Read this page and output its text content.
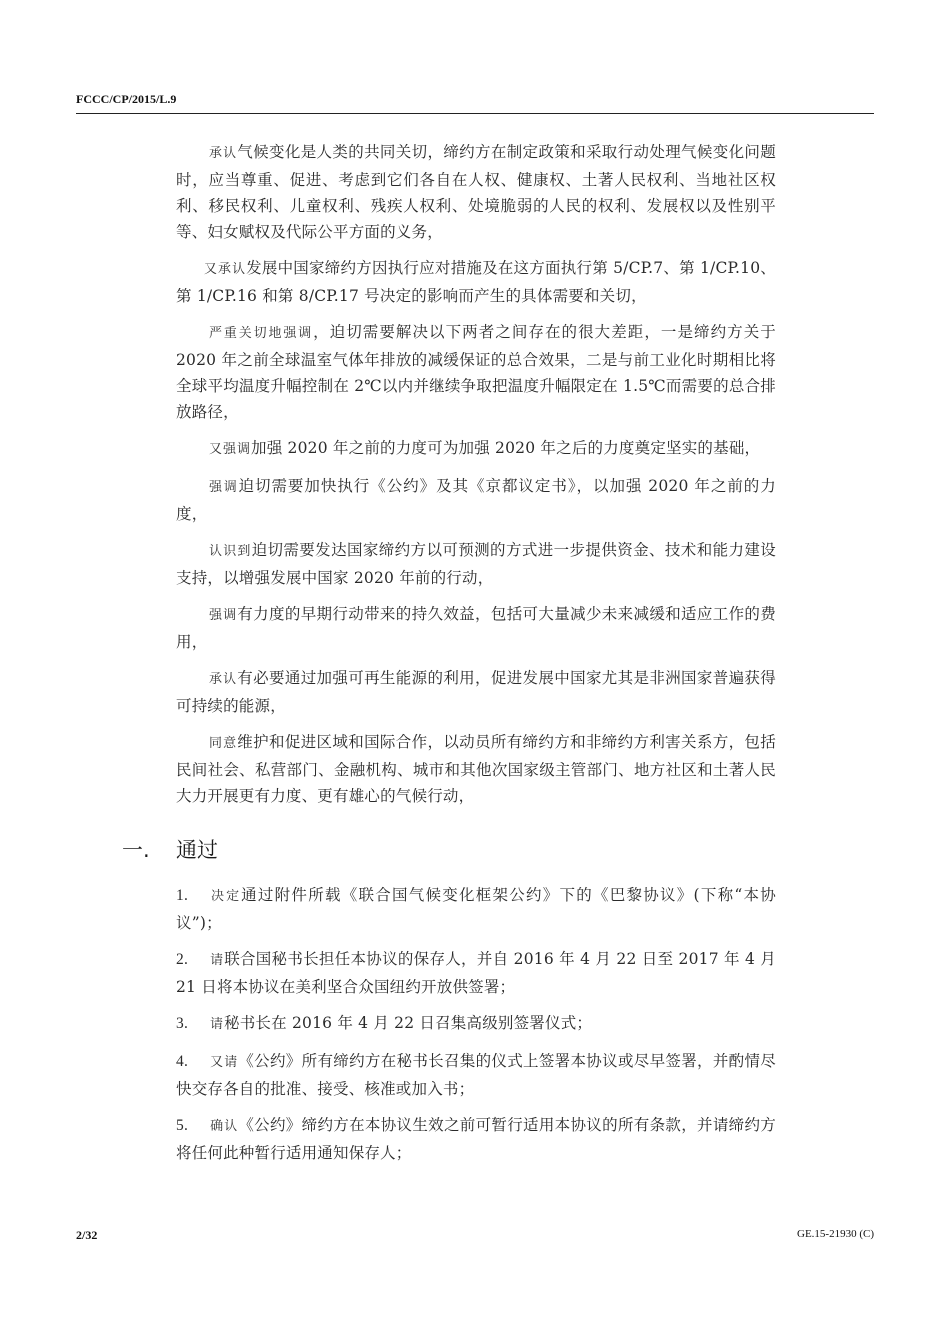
FCCC/CP/2015/L.9

承认气候变化是人类的共同关切，缔约方在制定政策和采取行动处理气候变化问题时，应当尊重、促进、考虑到它们各自在人权、健康权、土著人民权利、当地社区权利、移民权利、儿童权利、残疾人权利、处境脆弱的人民的权利、发展权以及性别平等、妇女赋权及代际公平方面的义务，

又承认发展中国家缔约方因执行应对措施及在这方面执行第 5/CP.7、第 1/CP.10、第 1/CP.16 和第 8/CP.17 号决定的影响而产生的具体需要和关切，

严重关切地强调，迫切需要解决以下两者之间存在的很大差距，一是缔约方关于 2020 年之前全球温室气体年排放的减缓保证的总合效果，二是与前工业化时期相比将全球平均温度升幅控制在 2℃以内并继续争取把温度升幅限定在 1.5℃而需要的总合排放路径，

又强调加强 2020 年之前的力度可为加强 2020 年之后的力度奠定坚实的基础，

强调迫切需要加快执行《公约》及其《京都议定书》，以加强 2020 年之前的力度，

认识到迫切需要发达国家缔约方以可预测的方式进一步提供资金、技术和能力建设支持，以增强发展中国家 2020 年前的行动，

强调有力度的早期行动带来的持久效益，包括可大量减少未来减缓和适应工作的费用，

承认有必要通过加强可再生能源的利用，促进发展中国家尤其是非洲国家普遍获得可持续的能源，

同意维护和促进区域和国际合作，以动员所有缔约方和非缔约方利害关系方，包括民间社会、私营部门、金融机构、城市和其他次国家级主管部门、地方社区和土著人民大力开展更有力度、更有雄心的气候行动，

一. 通过

1. 决定通过附件所载《联合国气候变化框架公约》下的《巴黎协议》(下称“本协议”)；

2. 请联合国秘书长担任本协议的保存人，并自 2016 年 4 月 22 日至 2017 年 4 月 21 日将本协议在美利坚合众国纽约开放供签署；

3. 请秘书长在 2016 年 4 月 22 日召集高级别签署仪式；

4. 又请《公约》所有缔约方在秘书长召集的仪式上签署本协议或尽早签署，并酌情尽快交存各自的批准、接受、核准或加入书；

5. 确认《公约》缔约方在本协议生效之前可暂行适用本协议的所有条款，并请缔约方将任何此种暂行适用通知保存人；

2/32	GE.15-21930 (C)
